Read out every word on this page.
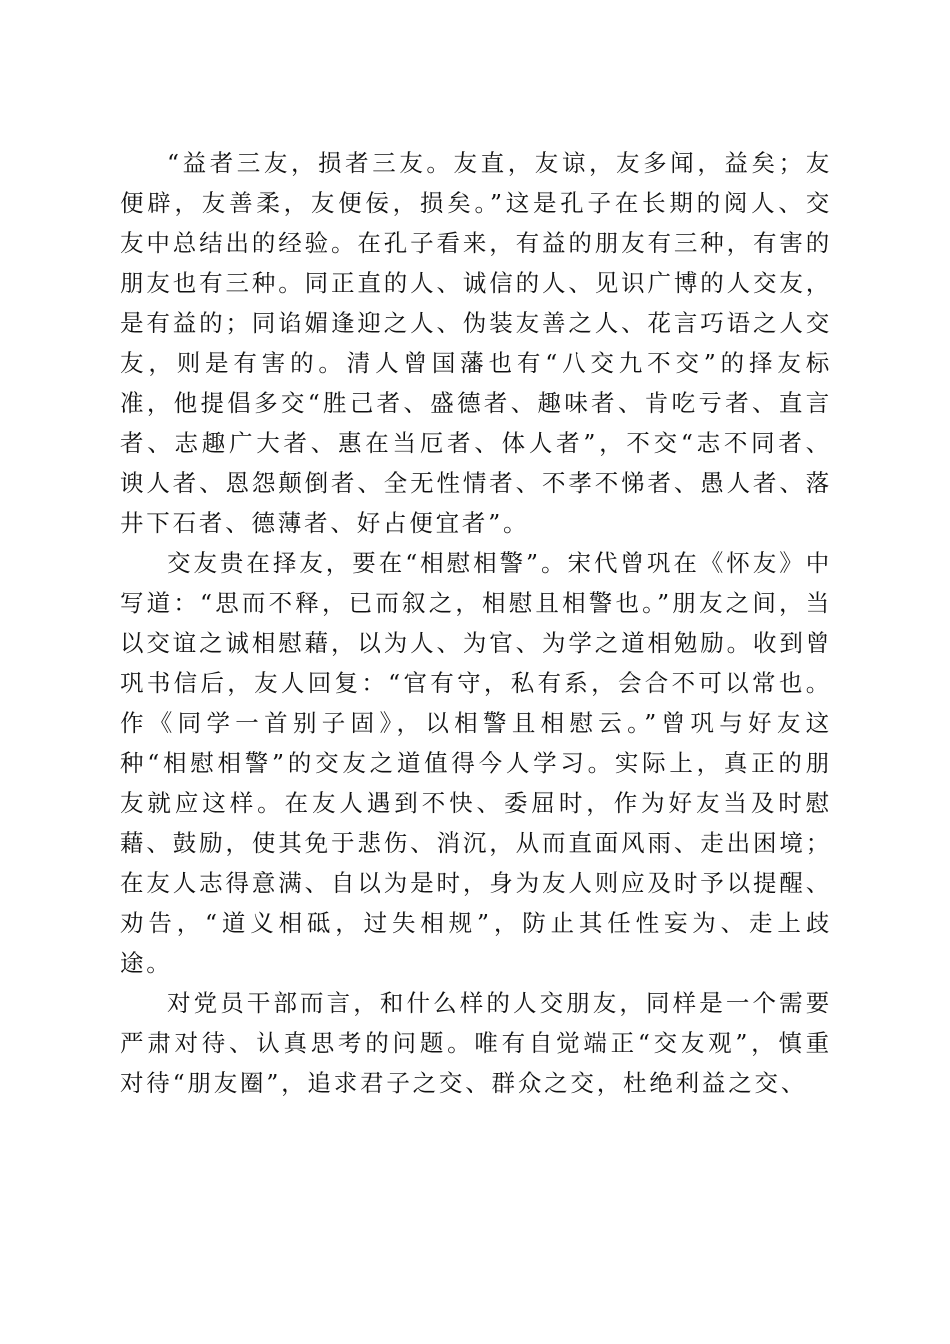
“益者三友，损者三友。友直，友谅，友多闻，益矣；友便辟，友善柔，友便佞，损矣。”这是孔子在长期的阅人、交友中总结出的经验。在孔子看来，有益的朋友有三种，有害的朋友也有三种。同正直的人、诚信的人、见识广博的人交友，是有益的；同谄媚逢迎之人、伪装友善之人、花言巧语之人交友，则是有害的。清人曾国藩也有“八交九不交”的择友标准，他提倡多交“胜己者、盛德者、趣味者、肯吃亏者、直言者、志趣广大者、惠在当厄者、体人者”，不交“志不同者、谀人者、恩怨颠倒者、全无性情者、不孝不悌者、愚人者、落井下石者、德薄者、好占便宜者”。

交友贵在择友，要在“相慰相警”。宋代曾巩在《怀友》中写道：“思而不释，已而叙之，相慰且相警也。”朋友之间，当以交谊之诚相慰藉，以为人、为官、为学之道相勉励。收到曾巩书信后，友人回复：“官有守，私有系，会合不可以常也。作《同学一首别子固》，以相警且相慰云。”曾巩与好友这种“相慰相警”的交友之道值得今人学习。实际上，真正的朋友就应这样。在友人遇到不快、委屈时，作为好友当及时慰藉、鼓励，使其免于悲伤、消沉，从而直面风雨、走出困境；在友人志得意满、自以为是时，身为友人则应及时予以提醒、劝告，“道义相砥，过失相规”，防止其任性妄为、走上歧途。

对党员干部而言，和什么样的人交朋友，同样是一个需要严肃对待、认真思考的问题。唯有自觉端正“交友观”，慎重对待“朋友圈”，追求君子之交、群众之交，杜绝利益之交、
